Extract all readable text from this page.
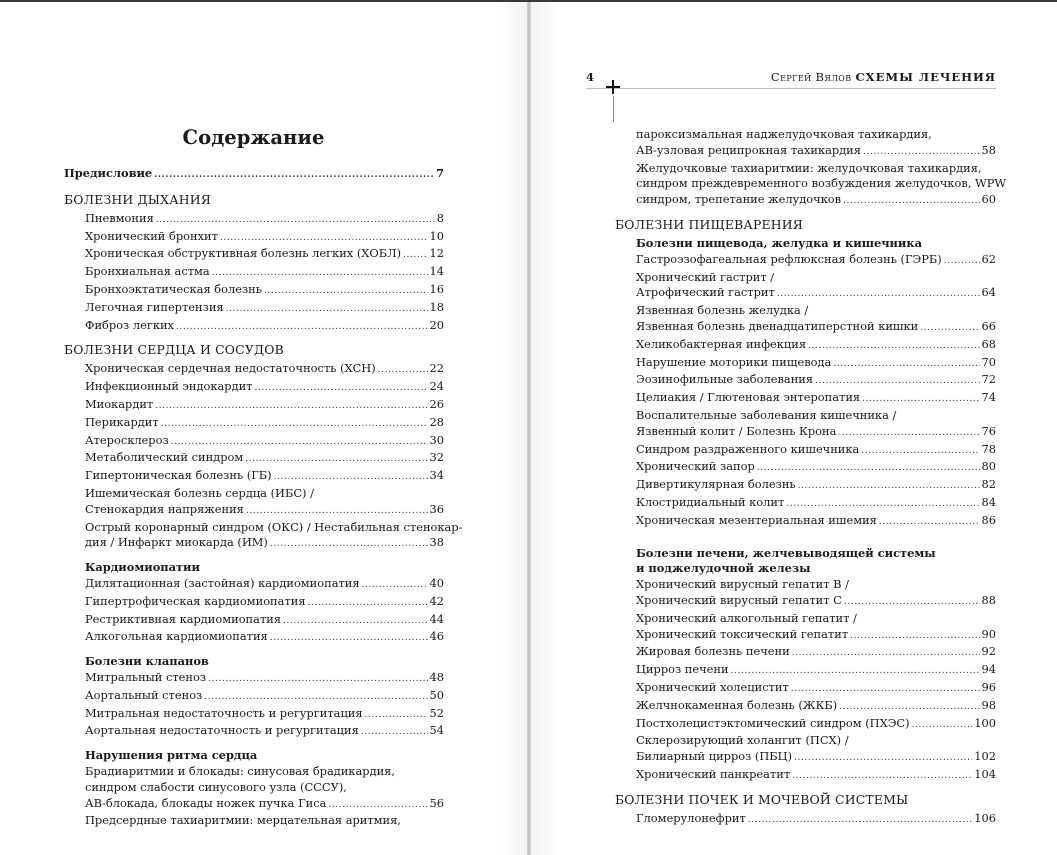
Содержание
Предисловие .....	7
БОЛЕЗНИ ДЫХАНИЯ
Пневмония .....	8
Хронический бронхит .....	10
Хроническая обструктивная болезнь легких (ХОБЛ) ..... 12
Бронхиальная астма .....	14
Бронхоэктатическая болезнь .....	16
Легочная гипертензия .....	18
Фиброз легких .....	20
БОЛЕЗНИ СЕРДЦА И СОСУДОВ
Хроническая сердечная недостаточность (ХСН) .....	22
Инфекционный эндокардит .....	24
Миокардит .....	26
Перикардит .....	28
Атеросклероз .....	30
Метаболический синдром .....	32
Гипертоническая болезнь (ГБ) .....	34
Ишемическая болезнь сердца (ИБС) /
Стенокардия напряжения .....	36
Острый коронарный синдром (ОКС) / Нестабильная стенокар-
дия / Инфаркт миокарда (ИМ) .....	38
Кардиомиопатии
Дилятационная (застойная) кардиомиопатия .....	40
Гипертрофическая кардиомиопатия .....	42
Рестриктивная кардиомиопатия .....	44
Алкогольная кардиомиопатия .....	46
Болезни клапанов
Митральный стеноз .....	48
Аортальный стеноз .....	50
Митральная недостаточность и регургитация .....	52
Аортальная недостаточность и регургитация .....	54
Нарушения ритма сердца
Брадиаритмии и блокады: синусовая брадикардия,
синдром слабости синусового узла (СССУ),
АВ-блокада, блокады ножек пучка Гиса .....	56
Предсердные тахиаритмии: мерцательная аритмия,
4	Сергей Вялов СХЕМЫ ЛЕЧЕНИЯ
пароксизмальная наджелудочковая тахикардия,
АВ-узловая реципрокная тахикардия .....	58
Желудочковые тахиаритмии: желудочковая тахикардия,
синдром преждевременного возбуждения желудочков, WPW
синдром, трепетание желудочков .....	60
БОЛЕЗНИ ПИЩЕВАРЕНИЯ
Болезни пищевода, желудка и кишечника
Гастроэзофагеальная рефлюксная болезнь (ГЭРБ) .....	62
Хронический гастрит /
Атрофический гастрит .....	64
Язвенная болезнь желудка /
Язвенная болезнь двенадцатиперстной кишки .....	66
Хеликобактерная инфекция .....	68
Нарушение моторики пищевода .....	70
Эозинофильные заболевания .....	72
Целиакия / Глютеновая энтеропатия .....	74
Воспалительные заболевания кишечника /
Язвенный колит / Болезнь Крона .....	76
Синдром раздраженного кишечника .....	78
Хронический запор .....	80
Дивертикулярная болезнь .....	82
Клостридиальный колит .....	84
Хроническая мезентериальная ишемия .....	86
Болезни печени, желчевыводящей системы
и поджелудочной железы
Хронический вирусный гепатит В /
Хронический вирусный гепатит С .....	88
Хронический алкогольный гепатит /
Хронический токсический гепатит .....	90
Жировая болезнь печени .....	92
Цирроз печени .....	94
Хронический холецистит .....	96
Желчнокаменная болезнь (ЖКБ) .....	98
Постхолецистэктомический синдром (ПХЭС) .....	100
Склерозирующий холангит (ПСХ) /
Билиарный цирроз (ПБЦ) .....	102
Хронический панкреатит .....	104
БОЛЕЗНИ ПОЧЕК И МОЧЕВОЙ СИСТЕМЫ
Гломерулонефрит .....	106
